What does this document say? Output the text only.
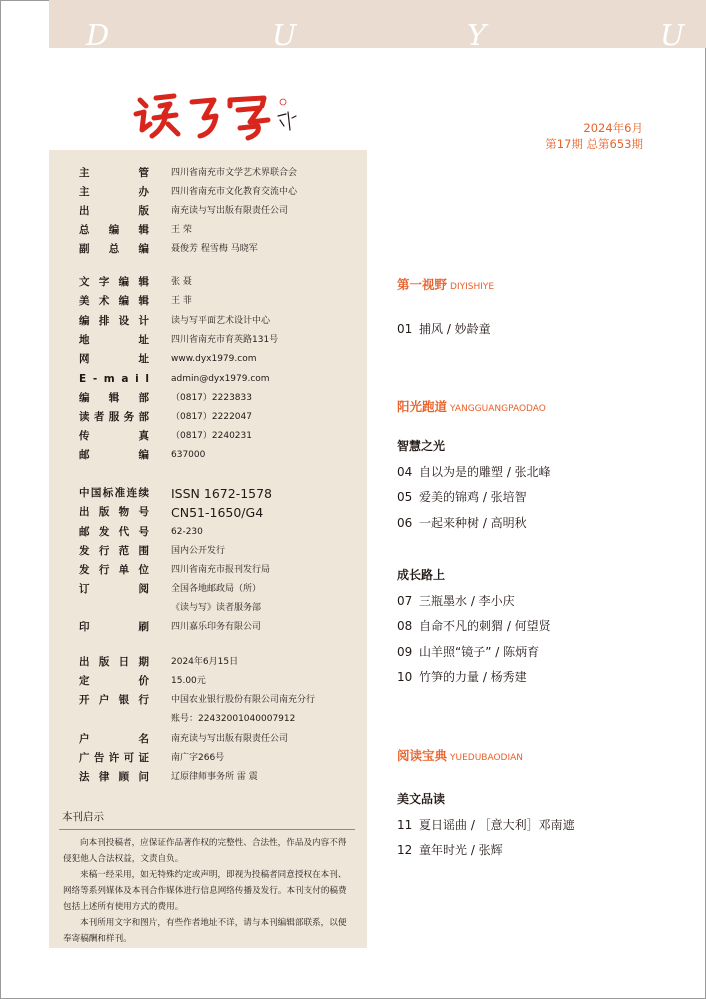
D	U	Y	U
2024年6月
第17期 总第653期
主	管 四川省南充市文学艺术界联合会
主	办 四川省南充市文化教育交流中心
出	版 南充读与写出版有限责任公司
总 编 辑 王 荣
副 总 编 聂俊芳 程雪梅 马晓军
文 字 编 辑 张 聂
美 术 编 辑 王 菲
编 排 设 计 读与写平面艺术设计中心
地	址 四川省南充市育英路131号
网	址 www.dyx1979.com
E - m a i l admin@dyx1979.com
编 辑 部 （0817）2223833
读 者 服 务 部 （0817）2222047
传	真 （0817）2240231
邮	编 637000
中 国 标 准 连 续 ISSN 1672-1578
出 版 物 号 CN51-1650/G4
邮 发 代 号 62-230
发 行 范 围 国内公开发行
发 行 单 位 四川省南充市报刊发行局
订	阅 全国各地邮政局（所）
《读与写》读者服务部
印	刷 四川嘉乐印务有限公司
出 版 日 期 2024年6月15日
定	价 15.00元
开 户 银 行 中国农业银行股份有限公司南充分行
账号：22432001040007912
户	名 南充读与写出版有限责任公司
广 告 许 可 证 南广字266号
法 律 顾 问 辽原律师事务所 雷 震
本刊启示

向本刊投稿者，应保证作品著作权的完整性、合法性，作品及内容不得侵犯他人合法权益，文责自负。

来稿一经采用，如无特殊约定或声明，即视为投稿者同意授权在本刊、网络等系列媒体及本刊合作媒体进行信息网络传播及发行。本刊支付的稿费包括上述所有使用方式的费用。

本刊所用文字和图片，有些作者地址不详，请与本刊编辑部联系，以便奉寄稿酬和样刊。

第一视野 DIYISHIYE
01 捕风 / 妙龄童
阳光跑道 YANGGUANGPAODAO
智慧之光
04 自以为是的雕塑 / 张北峰
05 爱美的锦鸡 / 张培智
06 一起来种树 / 高明秋
成长路上
07 三瓶墨水 / 李小庆
08 自命不凡的刺猬 / 何望贤
09 山羊照“镜子” / 陈炳育
10 竹笋的力量 / 杨秀建
阅读宝典 YUEDUBAODIAN
美文品读
11 夏日谣曲 / ［意大利］邓南遮
12 童年时光 / 张辉
